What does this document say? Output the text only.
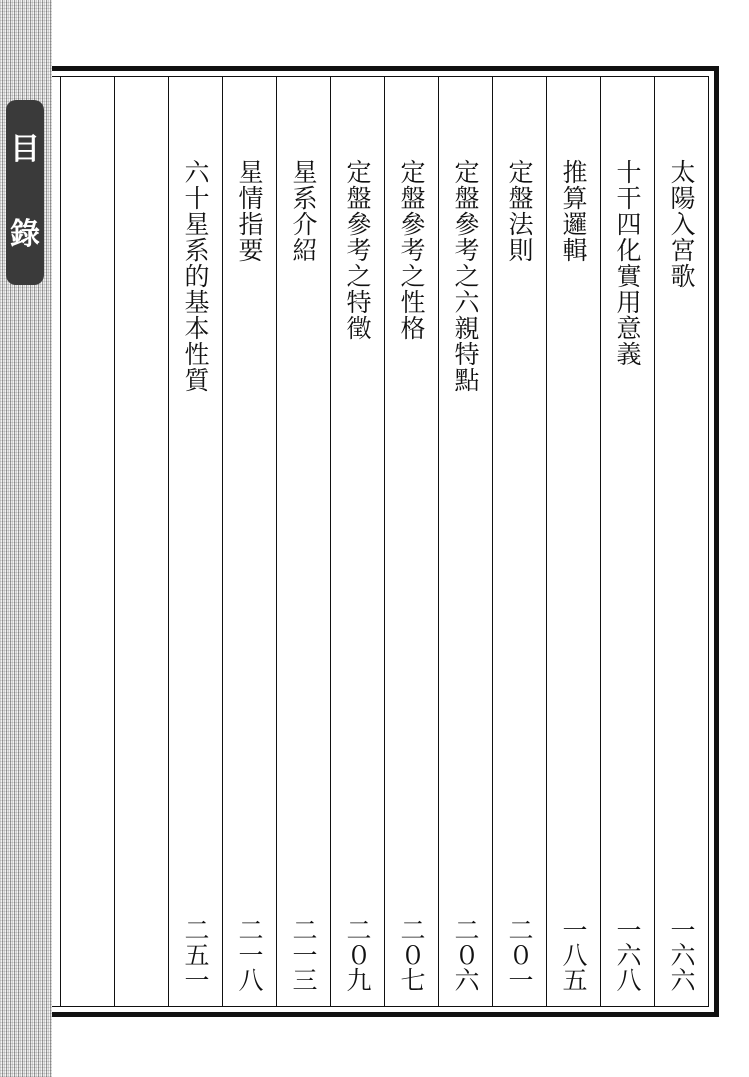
目
錄	太陽入宮歌
一六六
十干四化實用意義
一六八
推算邏輯
一八五
定盤法則
二０一
定盤參考之六親特點
二０六
定盤參考之性格
二０七
定盤參考之特徵
二０九
星系介紹
二一三
星情指要
二一八
六十星系的基本性質
二五一
